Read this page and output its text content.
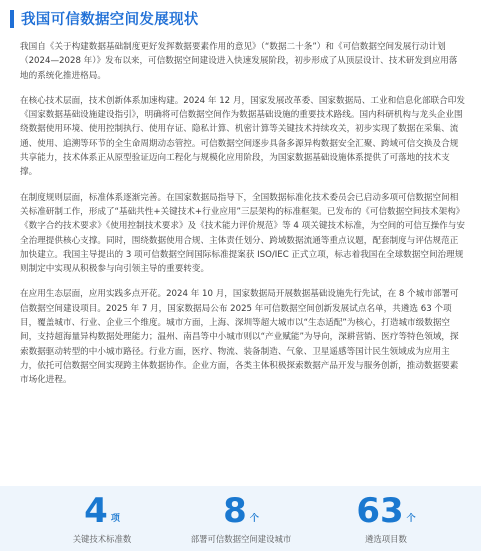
我国可信数据空间发展现状

我国自《关于构建数据基础制度更好发挥数据要素作用的意见》（“数据二十条”）和《可信数据空间发展行动计划（2024—2028 年）》发布以来，可信数据空间建设进入快速发展阶段，初步形成了从顶层设计、技术研发到应用落地的系统化推进格局。

在核心技术层面，技术创新体系加速构建。2024 年 12 月，国家发展改革委、国家数据局、工业和信息化部联合印发《国家数据基础设施建设指引》，明确将可信数据空间作为数据基础设施的重要技术路线。国内科研机构与龙头企业围绕数据使用环境、使用控制执行、使用存证、隐私计算、机密计算等关键技术持续攻关，初步实现了数据在采集、流通、使用、追溯等环节的全生命周期动态管控。可信数据空间逐步具备多源异构数据安全汇聚、跨域可信交换及合规共享能力，技术体系正从原型验证迈向工程化与规模化应用阶段，为国家数据基础设施体系提供了可落地的技术支撑。

在制度规则层面，标准体系逐渐完善。在国家数据局指导下，全国数据标准化技术委员会已启动多项可信数据空间相关标准研制工作，形成了“基础共性+关键技术+行业应用”三层架构的标准框架。已发布的《可信数据空间技术架构》《数字合约技术要求》《使用控制技术要求》及《技术能力评价规范》等 4 项关键技术标准，为空间的可信互操作与安全治理提供核心支撑。同时，围绕数据使用合规、主体责任划分、跨域数据流通等重点议题，配套制度与评估规范正加快建立。我国主导提出的 3 项可信数据空间国际标准提案获 ISO/IEC 正式立项，标志着我国在全球数据空间治理规则制定中实现从积极参与向引领主导的重要转变。

在应用生态层面，应用实践多点开花。2024 年 10 月，国家数据局开展数据基础设施先行先试，在 8 个城市部署可信数据空间建设项目。2025 年 7 月，国家数据局公布 2025 年可信数据空间创新发展试点名单，共遴选 63 个项目，覆盖城市、行业、企业三个维度。城市方面，上海、深圳等超大城市以“生态适配”为核心，打造城市级数据空间，支持超海量异构数据处理能力；温州、南昌等中小城市则以“产业赋能”为导向，深耕营销、医疗等特色领域，探索数据驱动转型的中小城市路径。行业方面，医疗、物流、装备制造、气象、卫星遥感等国计民生领域成为应用主力，依托可信数据空间实现跨主体数据协作。企业方面，各类主体积极探索数据产品开发与服务创新，推动数据要素市场化进程。

4 项
关键技术标准数
8 个
部署可信数据空间建设城市
63 个
遴选项目数
